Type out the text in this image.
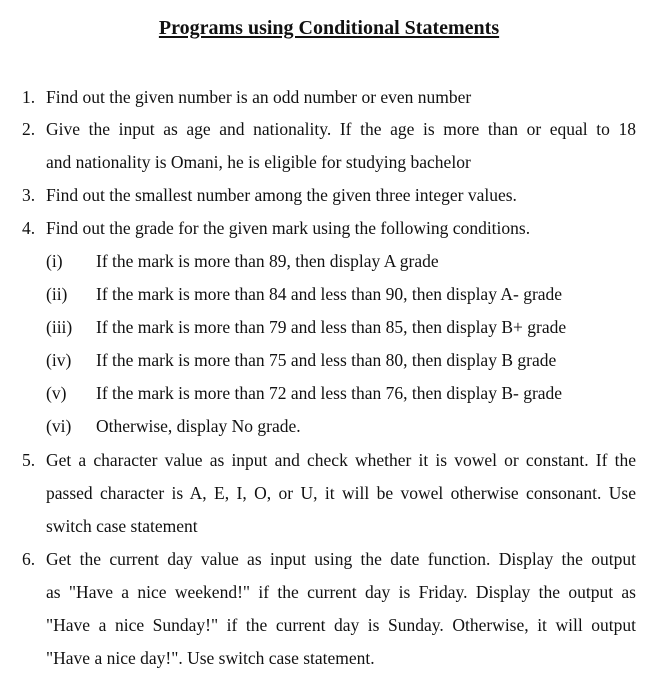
Programs using Conditional Statements
1. Find out the given number is an odd number or even number
2. Give the input as age and nationality. If the age is more than or equal to 18
and nationality is Omani, he is eligible for studying bachelor
3. Find out the smallest number among the given three integer values.
4. Find out the grade for the given mark using the following conditions.
(i) If the mark is more than 89, then display A grade
(ii) If the mark is more than 84 and less than 90, then display A- grade
(iii) If the mark is more than 79 and less than 85, then display B+ grade
(iv) If the mark is more than 75 and less than 80, then display B grade
(v) If the mark is more than 72 and less than 76, then display B- grade
(vi) Otherwise, display No grade.
5. Get a character value as input and check whether it is vowel or constant. If the
passed character is A, E, I, O, or U, it will be vowel otherwise consonant. Use
switch case statement
6. Get the current day value as input using the date function. Display the output
as "Have a nice weekend!" if the current day is Friday. Display the output as
"Have a nice Sunday!" if the current day is Sunday. Otherwise, it will output
"Have a nice day!". Use switch case statement.
